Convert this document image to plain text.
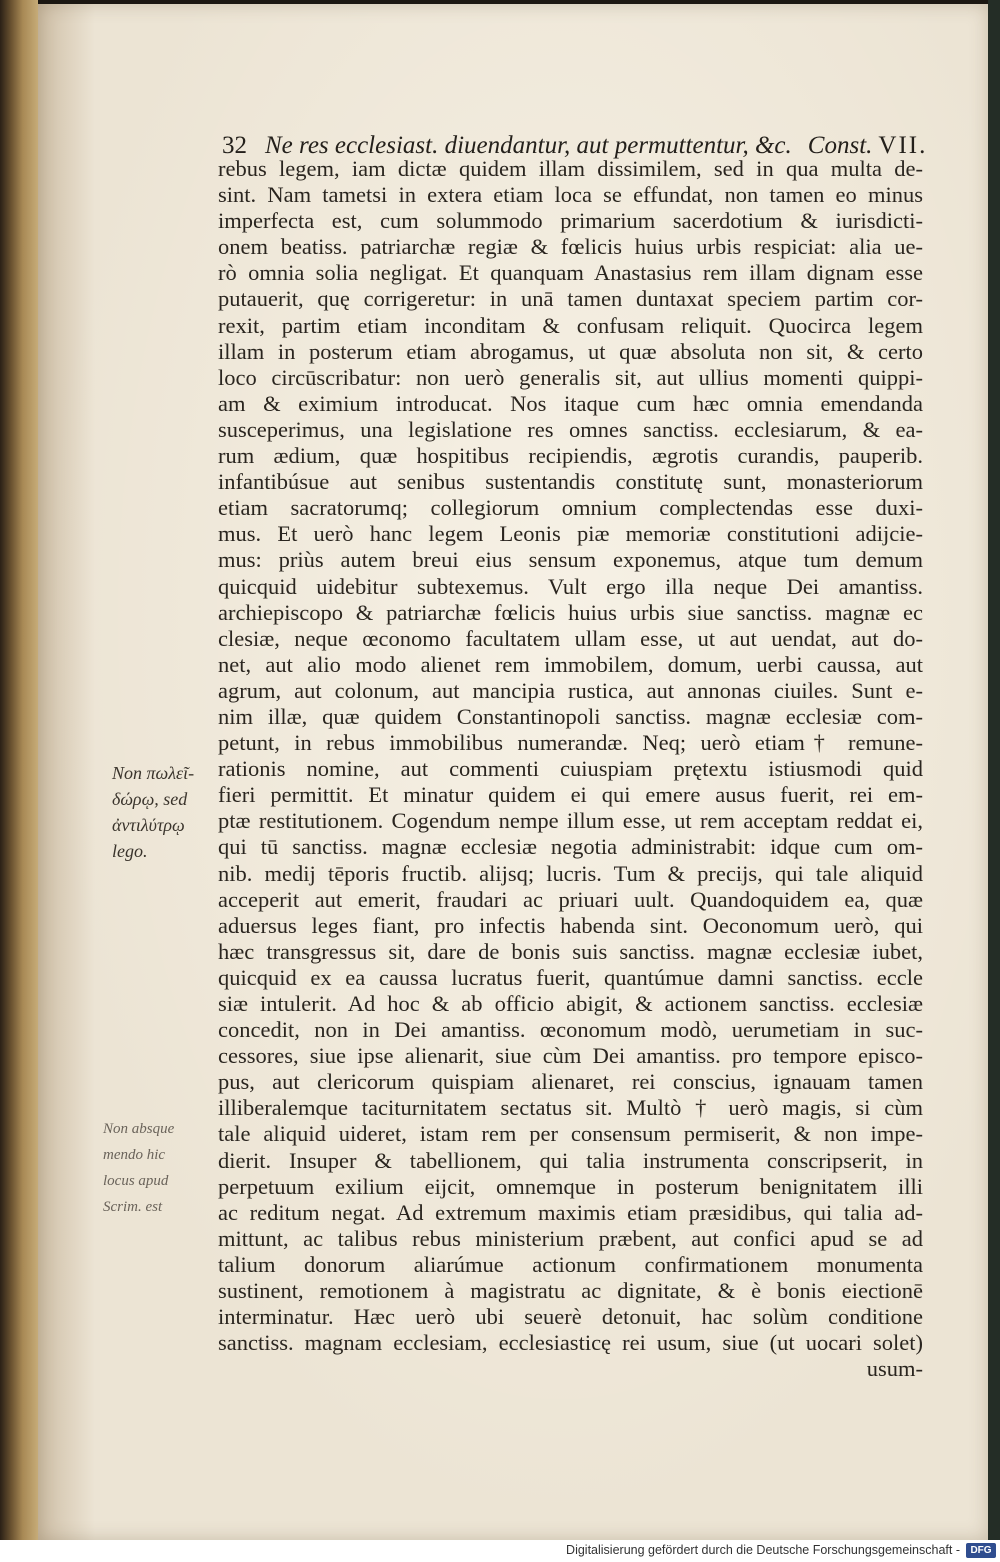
32 Ne res ecclesiast. diuendantur, aut permuttentur, &c. Const. VII.
rebus legem, iam dictæ quidem illam dissimilem, sed in qua multa de-
sint. Nam tametsi in extera etiam loca se effundat, non tamen eo minus
imperfecta est, cum solummodo primarium sacerdotium & iurisdicti-
onem beatiss. patriarchæ regiæ & fœlicis huius urbis respiciat: alia ue-
rò omnia solia negligat. Et quanquam Anastasius rem illam dignam esse
putauerit, quę corrigeretur: in unā tamen duntaxat speciem partim cor-
rexit, partim etiam inconditam & confusam reliquit. Quocirca legem
illam in posterum etiam abrogamus, ut quæ absoluta non sit, & certo
loco circūscribatur: non uerò generalis sit, aut ullius momenti quippi-
am & eximium introducat. Nos itaque cum hæc omnia emendanda
susceperimus, una legislatione res omnes sanctiss. ecclesiarum, & ea-
rum ædium, quæ hospitibus recipiendis, ægrotis curandis, pauperib.
infantibúsue aut senibus sustentandis constitutę sunt, monasteriorum
etiam sacratorumq; collegiorum omnium complectendas esse duxi-
mus. Et uerò hanc legem Leonis piæ memoriæ constitutioni adijcie-
mus: priùs autem breui eius sensum exponemus, atque tum demum
quicquid uidebitur subtexemus. Vult ergo illa neque Dei amantiss.
archiepiscopo & patriarchæ fœlicis huius urbis siue sanctiss. magnæ ec
clesiæ, neque œconomo facultatem ullam esse, ut aut uendat, aut do-
net, aut alio modo alienet rem immobilem, domum, uerbi caussa, aut
agrum, aut colonum, aut mancipia rustica, aut annonas ciuiles. Sunt e-
nim illæ, quæ quidem Constantinopoli sanctiss. magnæ ecclesiæ com-
petunt, in rebus immobilibus numerandæ. Neq; uerò etiam† remune-
rationis nomine, aut commenti cuiuspiam prętextu istiusmodi quid
fieri permittit. Et minatur quidem ei qui emere ausus fuerit, rei em-
ptæ restitutionem. Cogendum nempe illum esse, ut rem acceptam reddat ei,
qui tū sanctiss. magnæ ecclesiæ negotia administrabit: idque cum om-
nib. medij tēporis fructib. alijsq; lucris. Tum & precijs, qui tale aliquid
acceperit aut emerit, fraudari ac priuari uult. Quandoquidem ea, quæ
aduersus leges fiant, pro infectis habenda sint. Oeconomum uerò, qui
hæc transgressus sit, dare de bonis suis sanctiss. magnæ ecclesiæ iubet,
quicquid ex ea caussa lucratus fuerit, quantúmue damni sanctiss. eccle
siæ intulerit. Ad hoc & ab officio abigit, & actionem sanctiss. ecclesiæ
concedit, non in Dei amantiss. œconomum modò, uerumetiam in suc-
cessores, siue ipse alienarit, siue cùm Dei amantiss. pro tempore episco-
pus, aut clericorum quispiam alienaret, rei conscius, ignauam tamen
illiberalemque taciturnitatem sectatus sit. Multò † uerò magis, si cùm
tale aliquid uideret, istam rem per consensum permiserit, & non impe-
dierit. Insuper & tabellionem, qui talia instrumenta conscripserit, in
perpetuum exilium eijcit, omnemque in posterum benignitatem illi
ac reditum negat. Ad extremum maximis etiam præsidibus, qui talia ad-
mittunt, ac talibus rebus ministerium præbent, aut confici apud se ad
talium donorum aliarúmue actionum confirmationem monumenta
sustinent, remotionem à magistratu ac dignitate, & è bonis eiectionē
interminatur. Hæc uerò ubi seuerè detonuit, hac solùm conditione
sanctiss. magnam ecclesiam, ecclesiasticę rei usum, siue (ut uocari solet)
usum-
Non πωλεῖ-
δώρῳ, sed
ἀντιλύτρῳ
lego.
Non absque
mendo hic
locus apud
Scrim. est
Digitalisierung gefördert durch die Deutsche Forschungsgemeinschaft -	DFG
